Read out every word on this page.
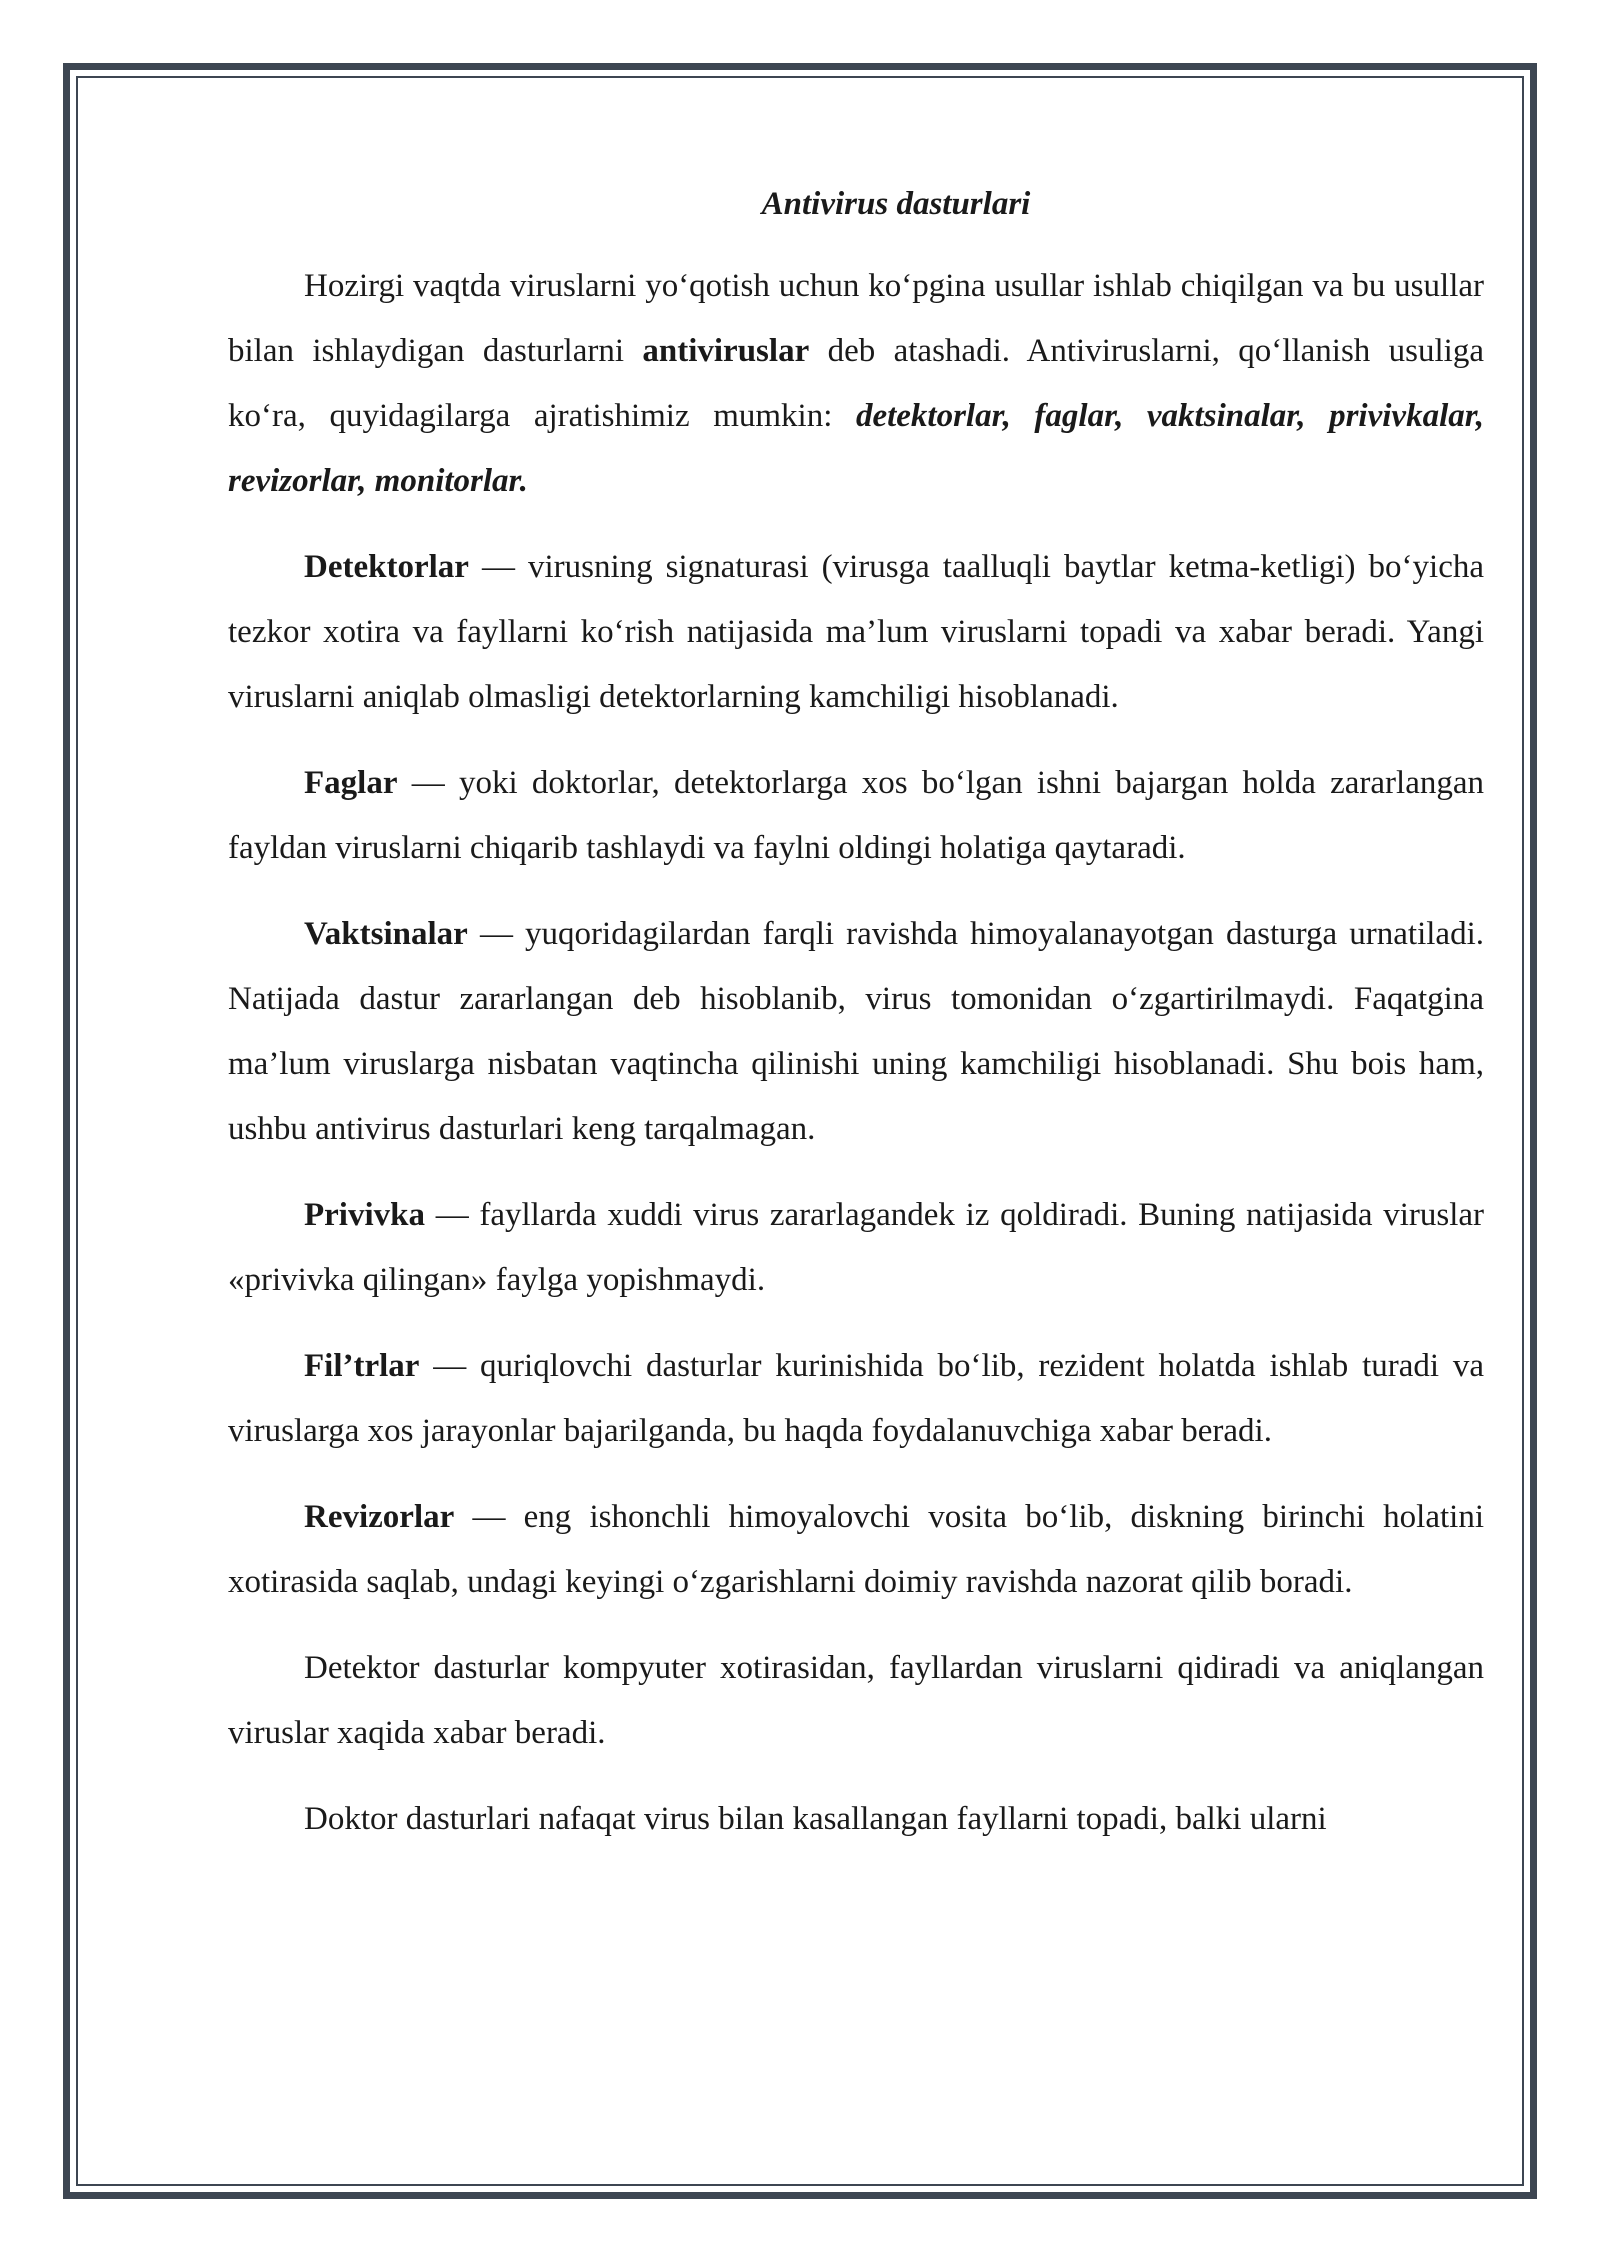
Antivirus dasturlari

Hozirgi vaqtda viruslarni yo‘qotish uchun ko‘pgina usullar ishlab chiqilgan va bu usullar bilan ishlaydigan dasturlarni antiviruslar deb atashadi. Antiviruslarni, qo‘llanish usuliga ko‘ra, quyidagilarga ajratishimiz mumkin: detektorlar, faglar, vaktsinalar, privivkalar, revizorlar, monitorlar.

Detektorlar — virusning signaturasi (virusga taalluqli baytlar ketma-ketligi) bo‘yicha tezkor xotira va fayllarni ko‘rish natijasida ma’lum viruslarni topadi va xabar beradi. Yangi viruslarni aniqlab olmasligi detektorlarning kamchiligi hisoblanadi.

Faglar — yoki doktorlar, detektorlarga xos bo‘lgan ishni bajargan holda zararlangan fayldan viruslarni chiqarib tashlaydi va faylni oldingi holatiga qaytaradi.

Vaktsinalar — yuqoridagilardan farqli ravishda himoyalanayotgan dasturga urnatiladi. Natijada dastur zararlangan deb hisoblanib, virus tomonidan o‘zgartirilmaydi. Faqatgina ma’lum viruslarga nisbatan vaqtincha qilinishi uning kamchiligi hisoblanadi. Shu bois ham, ushbu antivirus dasturlari keng tarqalmagan.

Privivka — fayllarda xuddi virus zararlagandek iz qoldiradi. Buning natijasida viruslar «privivka qilingan» faylga yopishmaydi.

Fil’trlar — quriqlovchi dasturlar kurinishida bo‘lib, rezident holatda ishlab turadi va viruslarga xos jarayonlar bajarilganda, bu haqda foydalanuvchiga xabar beradi.

Revizorlar — eng ishonchli himoyalovchi vosita bo‘lib, diskning birinchi holatini xotirasida saqlab, undagi keyingi o‘zgarishlarni doimiy ravishda nazorat qilib boradi.

Detektor dasturlar kompyuter xotirasidan, fayllardan viruslarni qidiradi va aniqlangan viruslar xaqida xabar beradi.

Doktor dasturlari nafaqat virus bilan kasallangan fayllarni topadi, balki ularni
